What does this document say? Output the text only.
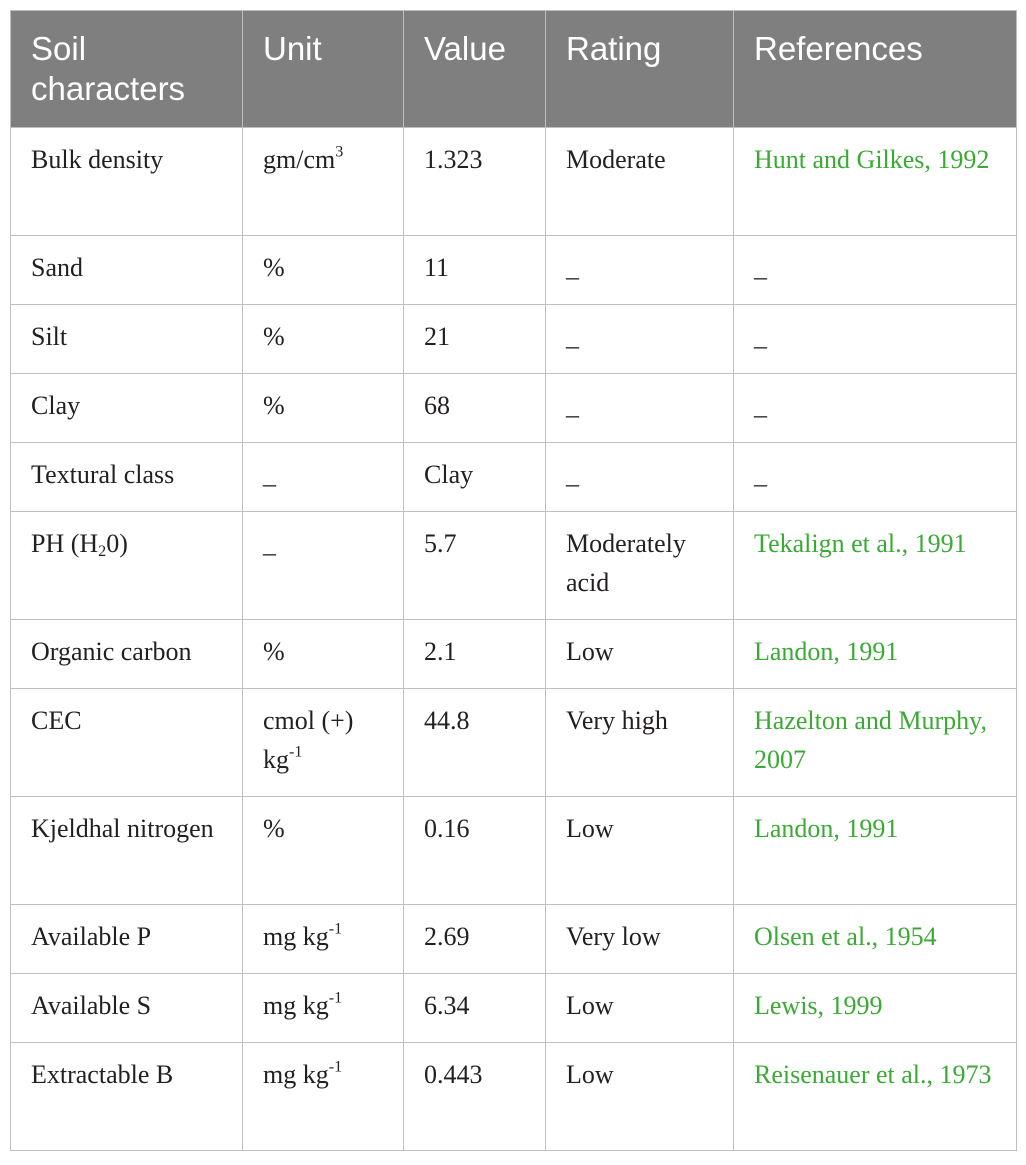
Soil characters	Unit	Value	Rating	References
Bulk density	$gm/cm^3$	1.323	Moderate	Hunt and Gilkes, 1992
Sand	%	11	_	_
Silt	%	21	_	_
Clay	%	68	_	_
Textural class	_	Clay	_	_
PH $(H_20)$	_	5.7	Moderately acid	Tekalign et al., 1991
Organic carbon	%	2.1	Low	Landon, 1991
CEC	cmol (+) $kg^{-1}$	44.8	Very high	Hazelton and Murphy, 2007
Kjeldhal nitrogen	%	0.16	Low	Landon, 1991
Available P	mg $kg^{-1}$	2.69	Very low	Olsen et al., 1954
Available S	mg $kg^{-1}$	6.34	Low	Lewis, 1999
Extractable B	mg $kg^{-1}$	0.443	Low	Reisenauer et al., 1973
